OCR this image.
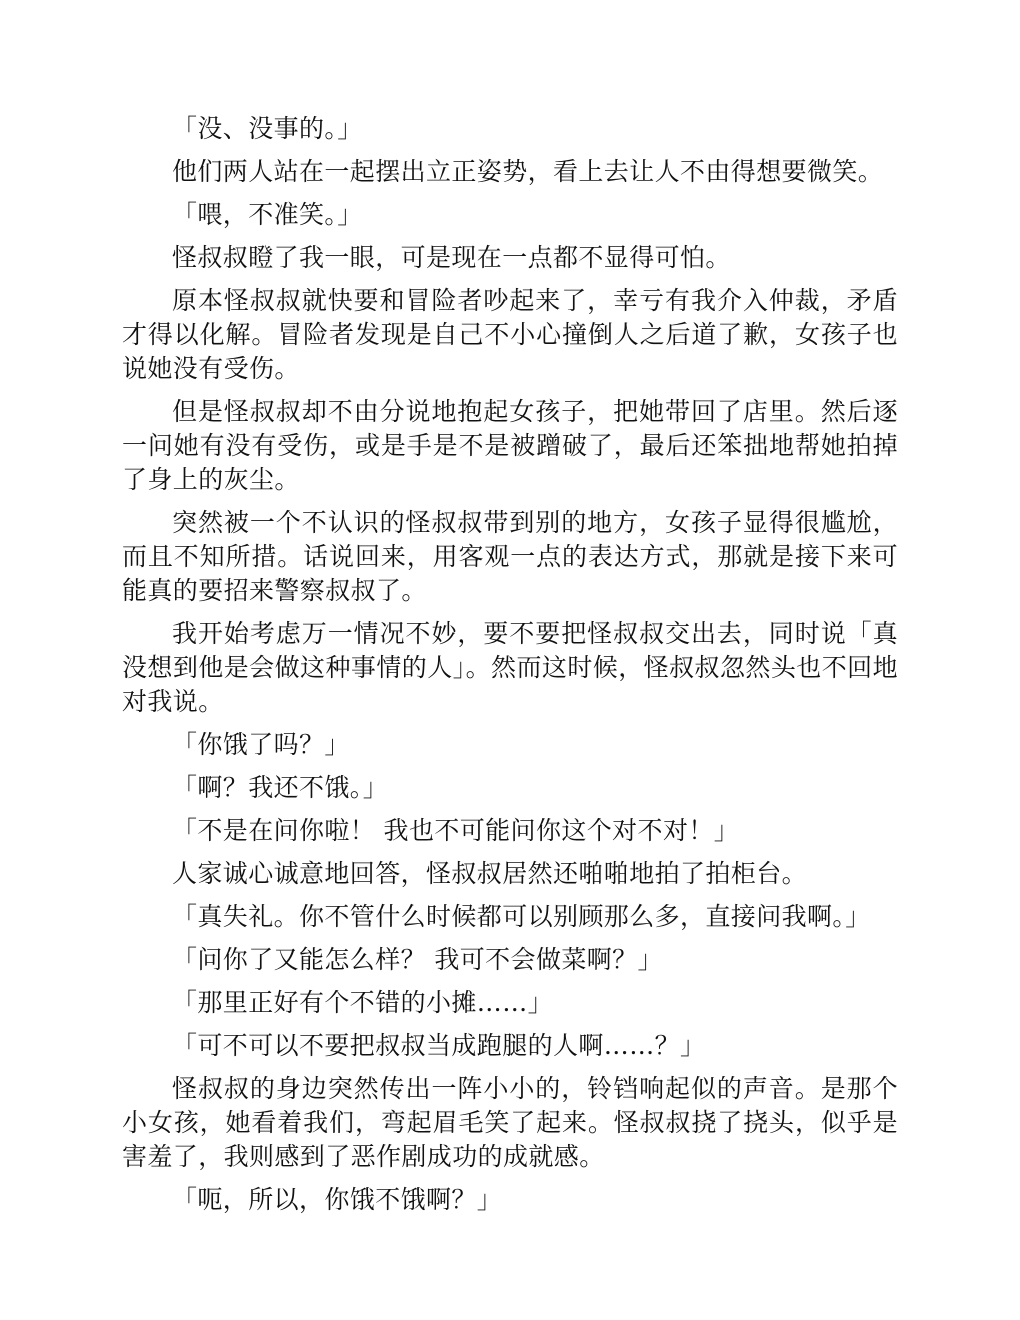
「没、没事的。」

他们两人站在一起摆出立正姿势，看上去让人不由得想要微笑。

「喂，不准笑。」

怪叔叔瞪了我一眼，可是现在一点都不显得可怕。

原本怪叔叔就快要和冒险者吵起来了，幸亏有我介入仲裁，矛盾才得以化解。冒险者发现是自己不小心撞倒人之后道了歉，女孩子也说她没有受伤。

但是怪叔叔却不由分说地抱起女孩子，把她带回了店里。然后逐一问她有没有受伤，或是手是不是被蹭破了，最后还笨拙地帮她拍掉了身上的灰尘。

突然被一个不认识的怪叔叔带到别的地方，女孩子显得很尴尬，而且不知所措。话说回来，用客观一点的表达方式，那就是接下来可能真的要招来警察叔叔了。

我开始考虑万一情况不妙，要不要把怪叔叔交出去，同时说「真没想到他是会做这种事情的人」。然而这时候，怪叔叔忽然头也不回地对我说。

「你饿了吗？」

「啊？我还不饿。」

「不是在问你啦！ 我也不可能问你这个对不对！」

人家诚心诚意地回答，怪叔叔居然还啪啪地拍了拍柜台。

「真失礼。你不管什么时候都可以别顾那么多，直接问我啊。」

「问你了又能怎么样？ 我可不会做菜啊？」

「那里正好有个不错的小摊……」

「可不可以不要把叔叔当成跑腿的人啊……？」

怪叔叔的身边突然传出一阵小小的，铃铛响起似的声音。是那个小女孩，她看着我们，弯起眉毛笑了起来。怪叔叔挠了挠头，似乎是害羞了，我则感到了恶作剧成功的成就感。

「呃，所以，你饿不饿啊？」
